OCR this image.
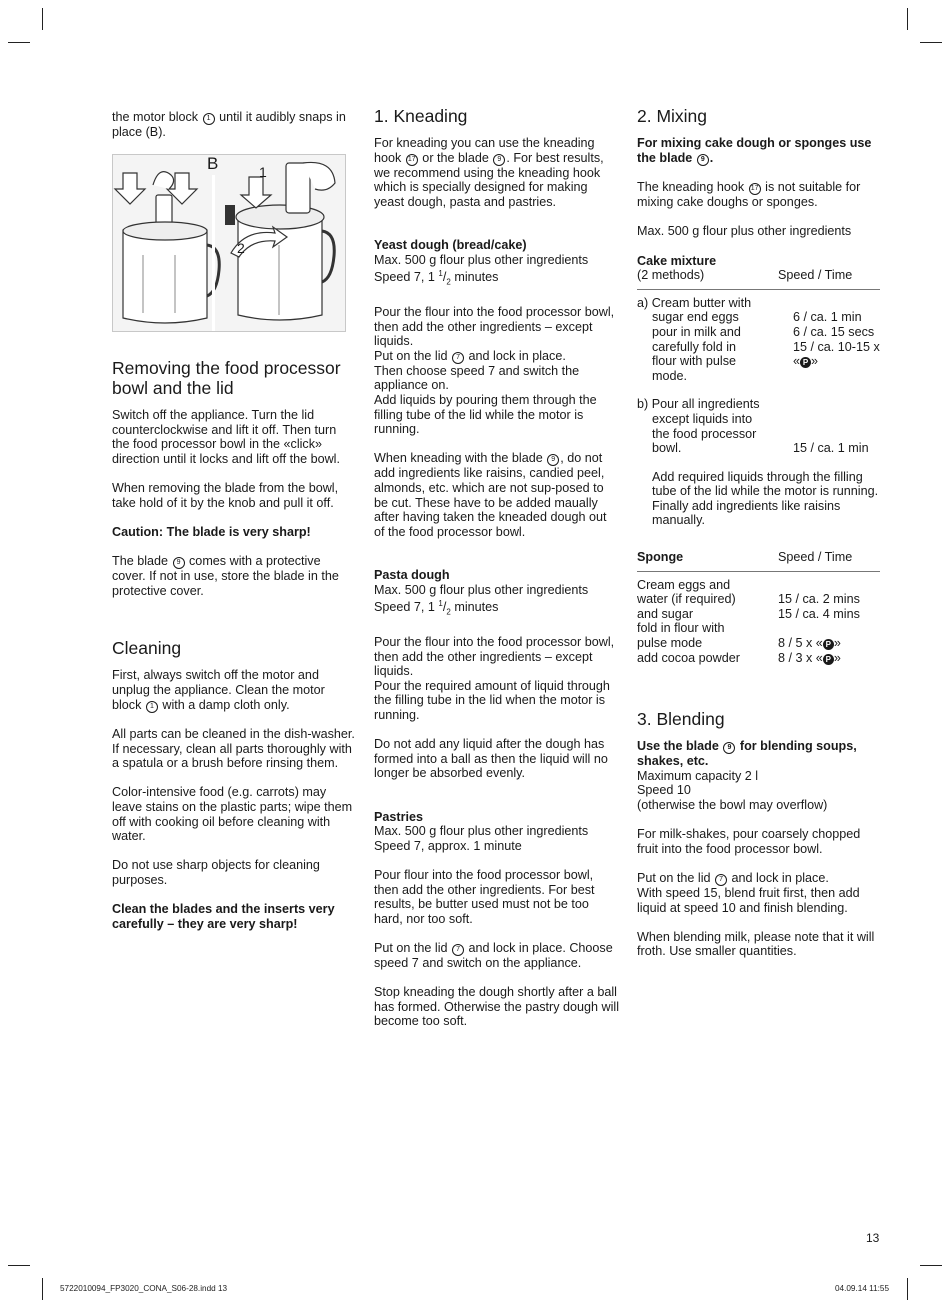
the motor block 1 until it audibly snaps in place (B).

B	1
2
Removing the food processor bowl and the lid

Switch off the appliance. Turn the lid counterclockwise and lift it off. Then turn the food processor bowl in the «click» direction until it locks and lift off the bowl.

When removing the blade from the bowl, take hold of it by the knob and pull it off.

Caution: The blade is very sharp!

The blade 9 comes with a protective cover. If not in use, store the blade in the protective cover.

Cleaning

First, always switch off the motor and unplug the appliance. Clean the motor block 1 with a damp cloth only.

All parts can be cleaned in the dish-washer. If necessary, clean all parts thoroughly with a spatula or a brush before rinsing them.

Color-intensive food (e.g. carrots) may leave stains on the plastic parts; wipe them off with cooking oil before cleaning with water.

Do not use sharp objects for cleaning purposes.

Clean the blades and the inserts very carefully – they are very sharp!

1. Kneading

For kneading you can use the kneading hook 17 or the blade 9 . For best results, we recommend using the kneading hook which is specially designed for making yeast dough, pasta and pastries.

Yeast dough (bread/cake)

Max. 500 g flour plus other ingredients

Speed 7, 1 $^1/_2$ minutes

Pour the flour into the food processor bowl, then add the other ingredients – except liquids.

Put on the lid 7 and lock in place.

Then choose speed 7 and switch the appliance on.

Add liquids by pouring them through the filling tube of the lid while the motor is running.

When kneading with the blade 9 , do not add ingredients like raisins, candied peel, almonds, etc. which are not sup-posed to be cut. These have to be added maually after having taken the kneaded dough out of the food processor bowl.

Pasta dough

Max. 500 g flour plus other ingredients

Speed 7, 1 $^1/_2$ minutes

Pour the flour into the food processor bowl, then add the other ingredients – except liquids.

Pour the required amount of liquid through the filling tube in the lid when the motor is running.

Do not add any liquid after the dough has formed into a ball as then the liquid will no longer be absorbed evenly.

Pastries

Max. 500 g flour plus other ingredients

Speed 7, approx. 1 minute

Pour flour into the food processor bowl, then add the other ingredients. For best results, be butter used must not be too hard, nor too soft.

Put on the lid 7 and lock in place. Choose speed 7 and switch on the appliance.

Stop kneading the dough shortly after a ball has formed. Otherwise the pastry dough will become too soft.

2. Mixing

For mixing cake dough or sponges use the blade 9 .

The kneading hook 17 is not suitable for mixing cake doughs or sponges.

Max. 500 g flour plus other ingredients

Cake mixture

(2 methods)	Speed / Time
a) Cream butter with
sugar end eggs	6 / ca. 1 min
pour in milk and	6 / ca. 15 secs
carefully fold in	15 / ca. 10-15 x
flour with pulse	« P »
mode.
b) Pour all ingredients
except liquids into
the food processor
bowl.	15 / ca. 1 min

Add required liquids through the filling tube of the lid while the motor is running. Finally add ingredients like raisins manually.

Sponge	Speed / Time
Cream eggs and
water (if required)	15 / ca. 2 mins
and sugar	15 / ca. 4 mins
fold in flour with
pulse mode	8 / 5 x « P »
add cocoa powder	8 / 3 x « P »
3. Blending

Use the blade 9 for blending soups, shakes, etc.

Maximum capacity 2 l

Speed 10

(otherwise the bowl may overflow)

For milk-shakes, pour coarsely chopped fruit into the food processor bowl.

Put on the lid 7 and lock in place.

With speed 15, blend fruit first, then add liquid at speed 10 and finish blending.

When blending milk, please note that it will froth. Use smaller quantities.

13
5722010094_FP3020_CONA_S06-28.indd 13	04.09.14 11:55
